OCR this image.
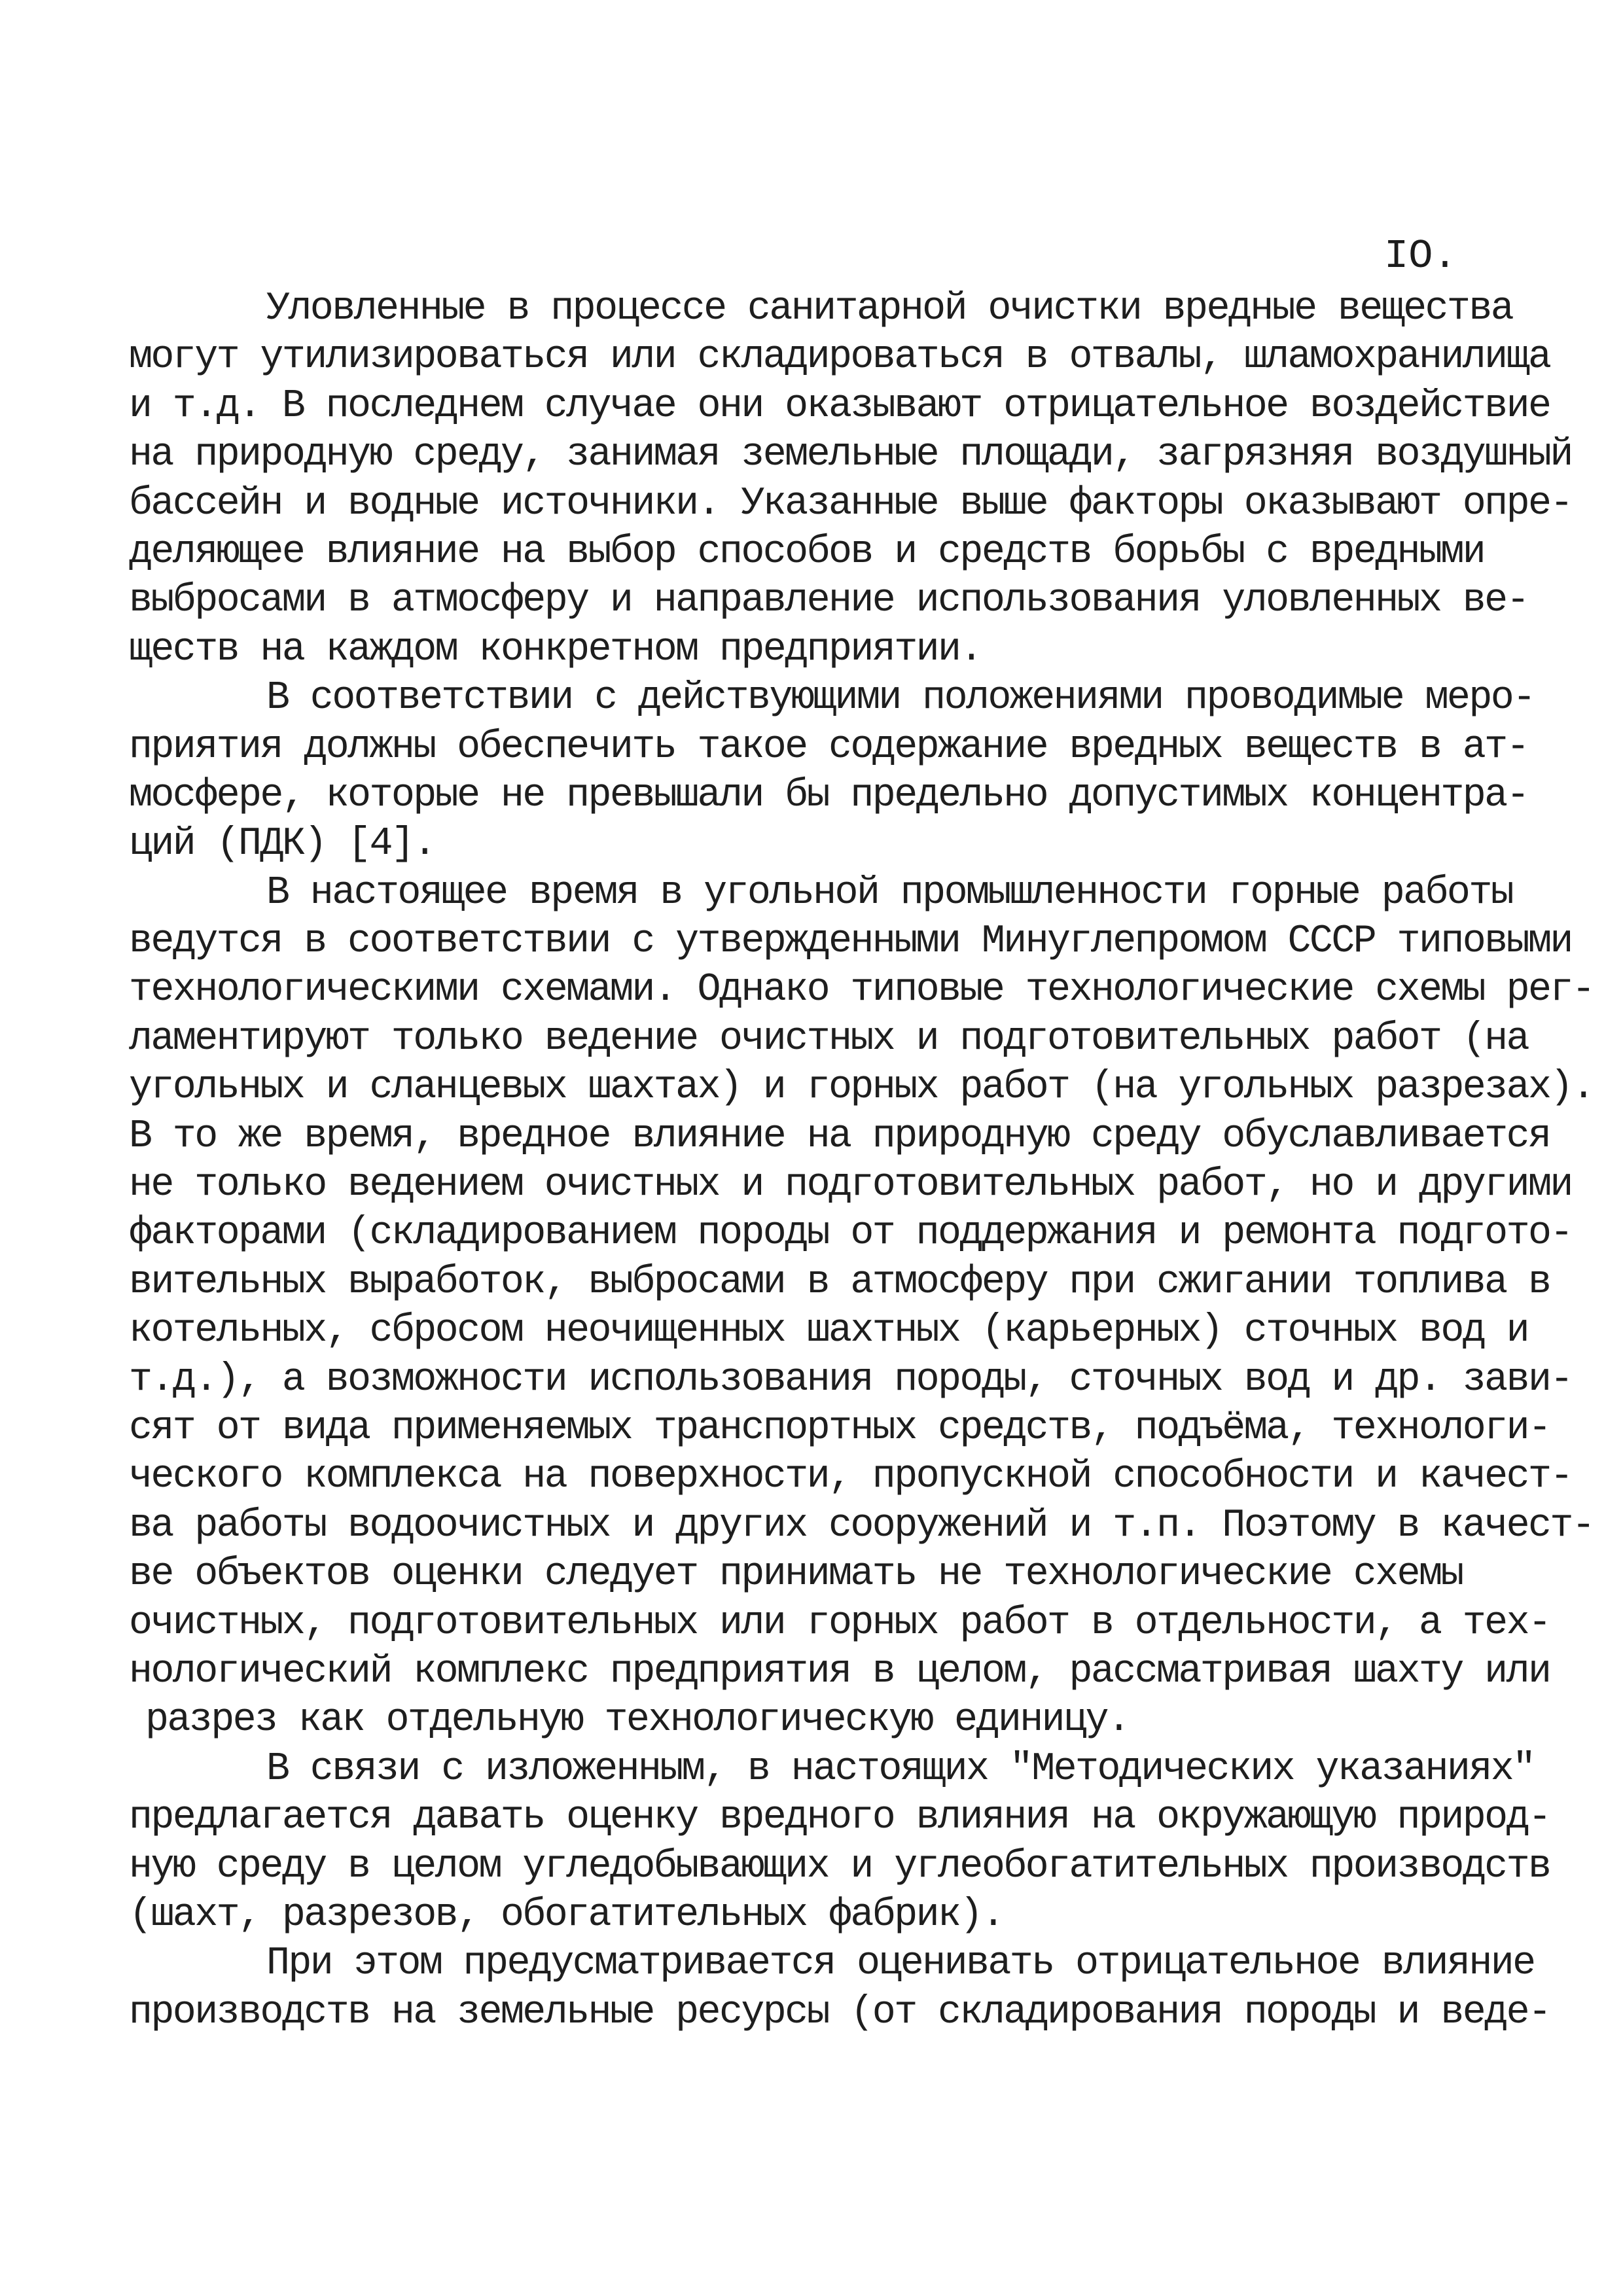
IO.
Уловленные в процессе санитарной очистки вредные вещества
могут утилизироваться или складироваться в отвалы, шламохранилища
и т.д. В последнем случае они оказывают отрицательное воздействие
на природную среду, занимая земельные площади, загрязняя воздушный
бассейн и водные источники. Указанные выше факторы оказывают опре-
деляющее влияние на выбор способов и средств борьбы с вредными
выбросами в атмосферу и направление использования уловленных ве-
ществ на каждом конкретном предприятии.
В соответствии с действующими положениями проводимые меро-
приятия должны обеспечить такое содержание вредных веществ в ат-
мосфере, которые не превышали бы предельно допустимых концентра-
ций (ПДК) [4].
В настоящее время в угольной промышленности горные работы
ведутся в соответствии с утвержденными Минуглепромом СССР типовыми
технологическими схемами. Однако типовые технологические схемы рег-
ламентируют только ведение очистных и подготовительных работ (на
угольных и сланцевых шахтах) и горных работ (на угольных разрезах).
В то же время, вредное влияние на природную среду обуславливается
не только ведением очистных и подготовительных работ, но и другими
факторами (складированием породы от поддержания и ремонта подгото-
вительных выработок, выбросами в атмосферу при сжигании топлива в
котельных, сбросом неочищенных шахтных (карьерных) сточных вод и
т.д.), а возможности использования породы, сточных вод и др. зави-
сят от вида применяемых транспортных средств, подъёма, технологи-
ческого комплекса на поверхности, пропускной способности и качест-
ва работы водоочистных и других сооружений и т.п. Поэтому в качест-
ве объектов оценки следует принимать не технологические схемы
очистных, подготовительных или горных работ в отдельности, а тех-
нологический комплекс предприятия в целом, рассматривая шахту или
разрез как отдельную технологическую единицу.
В связи с изложенным, в настоящих "Методических указаниях"
предлагается давать оценку вредного влияния на окружающую природ-
ную среду в целом угледобывающих и углеобогатительных производств
(шахт, разрезов, обогатительных фабрик).
При этом предусматривается оценивать отрицательное влияние
производств на земельные ресурсы (от складирования породы и веде-
